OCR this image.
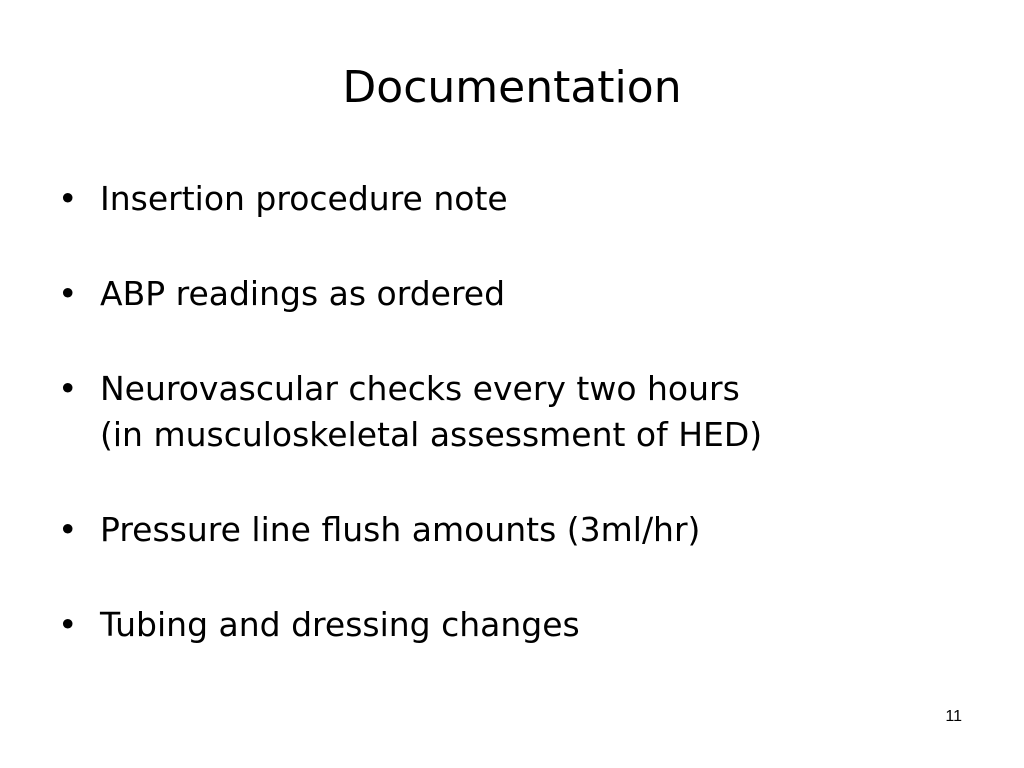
Documentation
• Insertion procedure note
• ABP readings as ordered
• Neurovascular checks every two hours
(in musculoskeletal assessment of HED)
• Pressure line flush amounts (3ml/hr)
• Tubing and dressing changes
11
